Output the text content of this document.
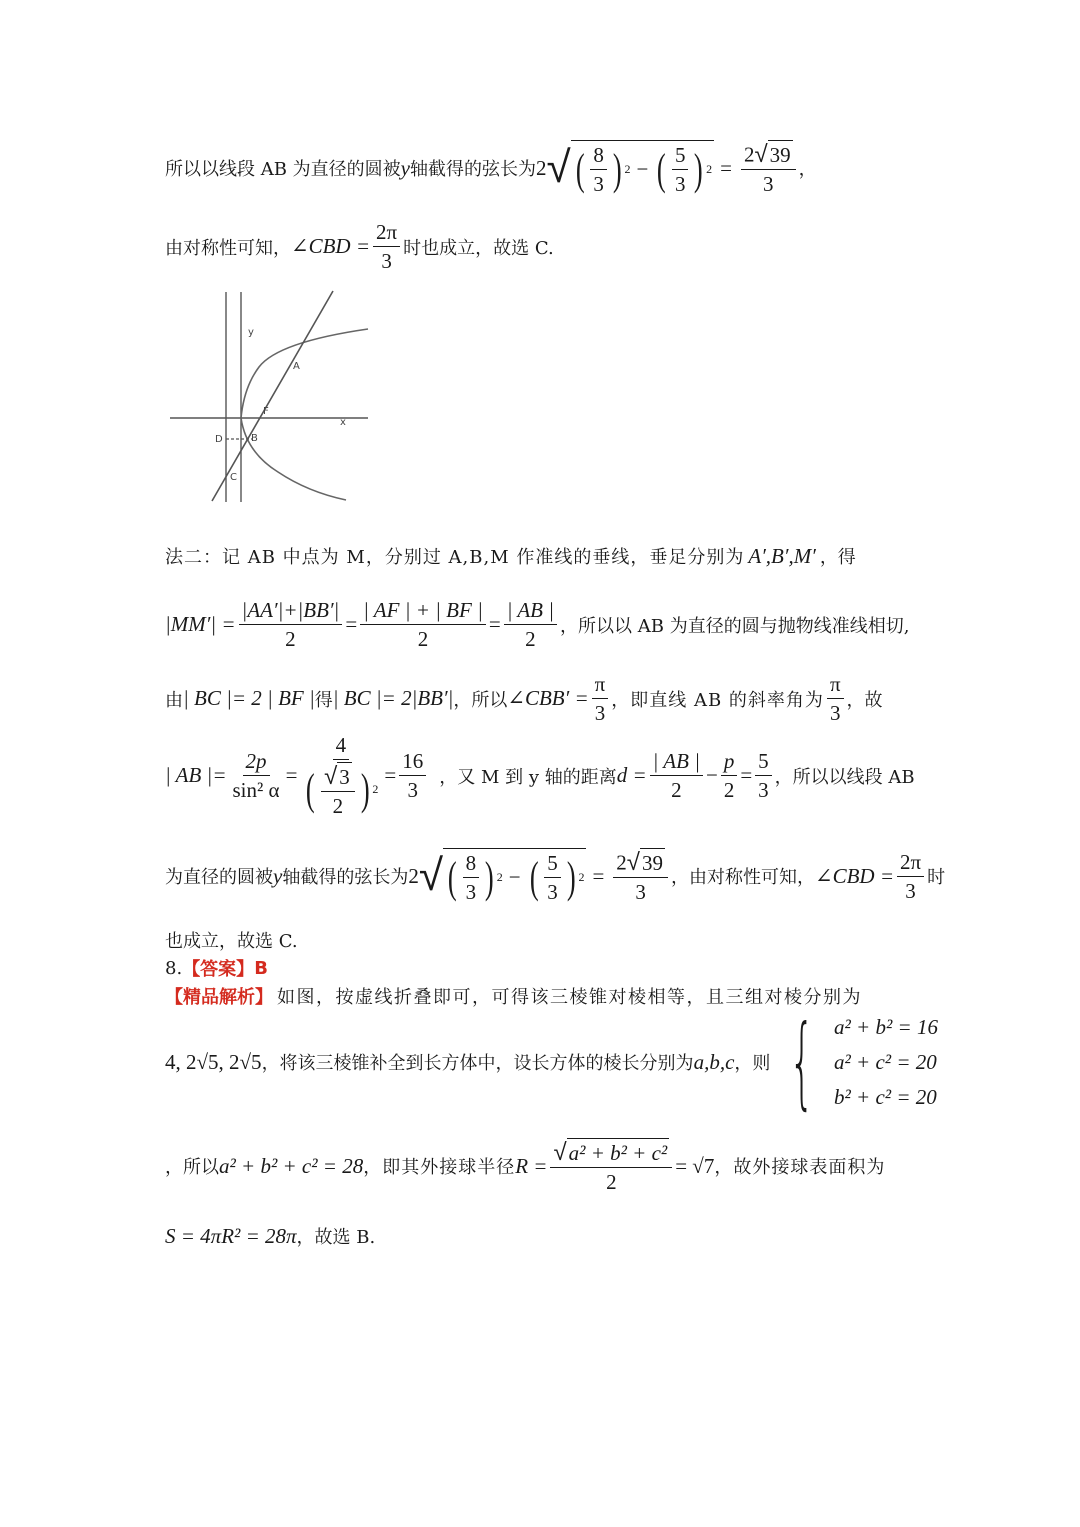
所以以线段 AB 为直径的圆被 y 轴截得的弦长为 2 √ ( $\frac{8}{3}$ ) 2 − ( $\frac{5}{3}$ ) $2 = \frac{2 √ 39}{3}$ ，
由对称性可知， ∠CBD = $\frac{2\pi}{3}$ 时也成立，故选 C.
y
x
A
F
D	B
C
法二：记 AB 中点为 M，分别过 A,B,M 作准线的垂线，垂足分别为 A′,B′,M′ ，得
$|MM'| = \frac{|AA'|+|BB'|}{2} = \frac{| AF | + | BF |}{2} = \frac{| AB |}{2}$ ，所以以 AB 为直径的圆与抛物线准线相切,
由 | BC |= 2 | BF | 得 | BC |= 2|BB′| ，所以 ∠CBB′ = $\frac{\pi}{3}$ ，即直线 AB 的斜率角为 $\frac{\pi}{3}$ ，故
| AB |= $\frac{2p}{\text{sin² α}} = \frac{4}{( \frac{√ 3}{2} ) 2} = \frac{16}{3}$ ，又 M 到 y 轴的距离 $d = \frac{| AB |}{2} - \frac{p}{2} = \frac{5}{3}$ ，所以以线段 AB
为直径的圆被 y 轴截得的弦长为 2 √ ( $\frac{8}{3}$ ) 2 − ( $\frac{5}{3}$ ) $2 = \frac{2 √ 39}{3}$ ，由对称性可知， ∠CBD = $\frac{2\pi}{3}$ 时
也成立，故选 C.
8. 【答案】 B
【精品解析】 如图，按虚线折叠即可，可得该三棱锥对棱相等，且三组对棱分别为
4, 2√5, 2√5 ，将该三棱锥补全到长方体中，设长方体的棱长分别为 a,b,c ，则 { a² + b² = 16
a² + c² = 20
b² + c² = 20
，所以 a² + b² + c² = 28 ，即其外接球半径 $R = \frac{\text{√ a² + b² + c²}}{2} = √7$ ，故外接球表面积为
S = 4πR² = 28π ，故选 B.
